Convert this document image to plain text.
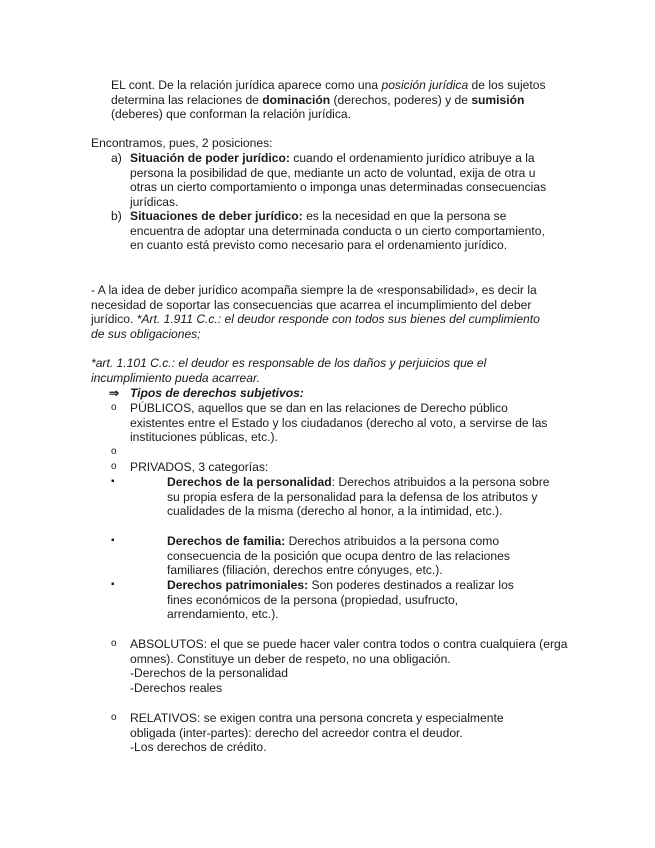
EL cont. De la relación jurídica aparece como una posición jurídica de los sujetos determina las relaciones de dominación (derechos, poderes) y de sumisión (deberes) que conforman la relación jurídica.

Encontramos, pues, 2 posiciones:

a) Situación de poder jurídico: cuando el ordenamiento jurídico atribuye a la persona la posibilidad de que, mediante un acto de voluntad, exija de otra u otras un cierto comportamiento o imponga unas determinadas consecuencias jurídicas.

b) Situaciones de deber jurídico: es la necesidad en que la persona se encuentra de adoptar una determinada conducta o un cierto comportamiento, en cuanto está previsto como necesario para el ordenamiento jurídico.

- A la idea de deber jurídico acompaña siempre la de «responsabilidad», es decir la necesidad de soportar las consecuencias que acarrea el incumplimiento del deber jurídico. *Art. 1.911 C.c.: el deudor responde con todos sus bienes del cumplimiento de sus obligaciones;

*art. 1.101 C.c.: el deudor es responsable de los daños y perjuicios que el incumplimiento pueda acarrear.

⇒ Tipos de derechos subjetivos:
o PÚBLICOS, aquellos que se dan en las relaciones de Derecho público existentes entre el Estado y los ciudadanos (derecho al voto, a servirse de las instituciones públicas, etc.).

o
o PRIVADOS, 3 categorías:

▪	Derechos de la personalidad: Derechos atribuidos a la persona sobre su propia esfera de la personalidad para la defensa de los atributos y cualidades de la misma (derecho al honor, a la intimidad, etc.).

▪	Derechos de familia: Derechos atribuidos a la persona como consecuencia de la posición que ocupa dentro de las relaciones familiares (filiación, derechos entre cónyuges, etc.).

▪	Derechos patrimoniales: Son poderes destinados a realizar los fines económicos de la persona (propiedad, usufructo, arrendamiento, etc.).

o ABSOLUTOS: el que se puede hacer valer contra todos o contra cualquiera (erga omnes). Constituye un deber de respeto, no una obligación.

-Derechos de la personalidad

-Derechos reales

o RELATIVOS: se exigen contra una persona concreta y especialmente obligada (inter-partes): derecho del acreedor contra el deudor.

-Los derechos de crédito.
